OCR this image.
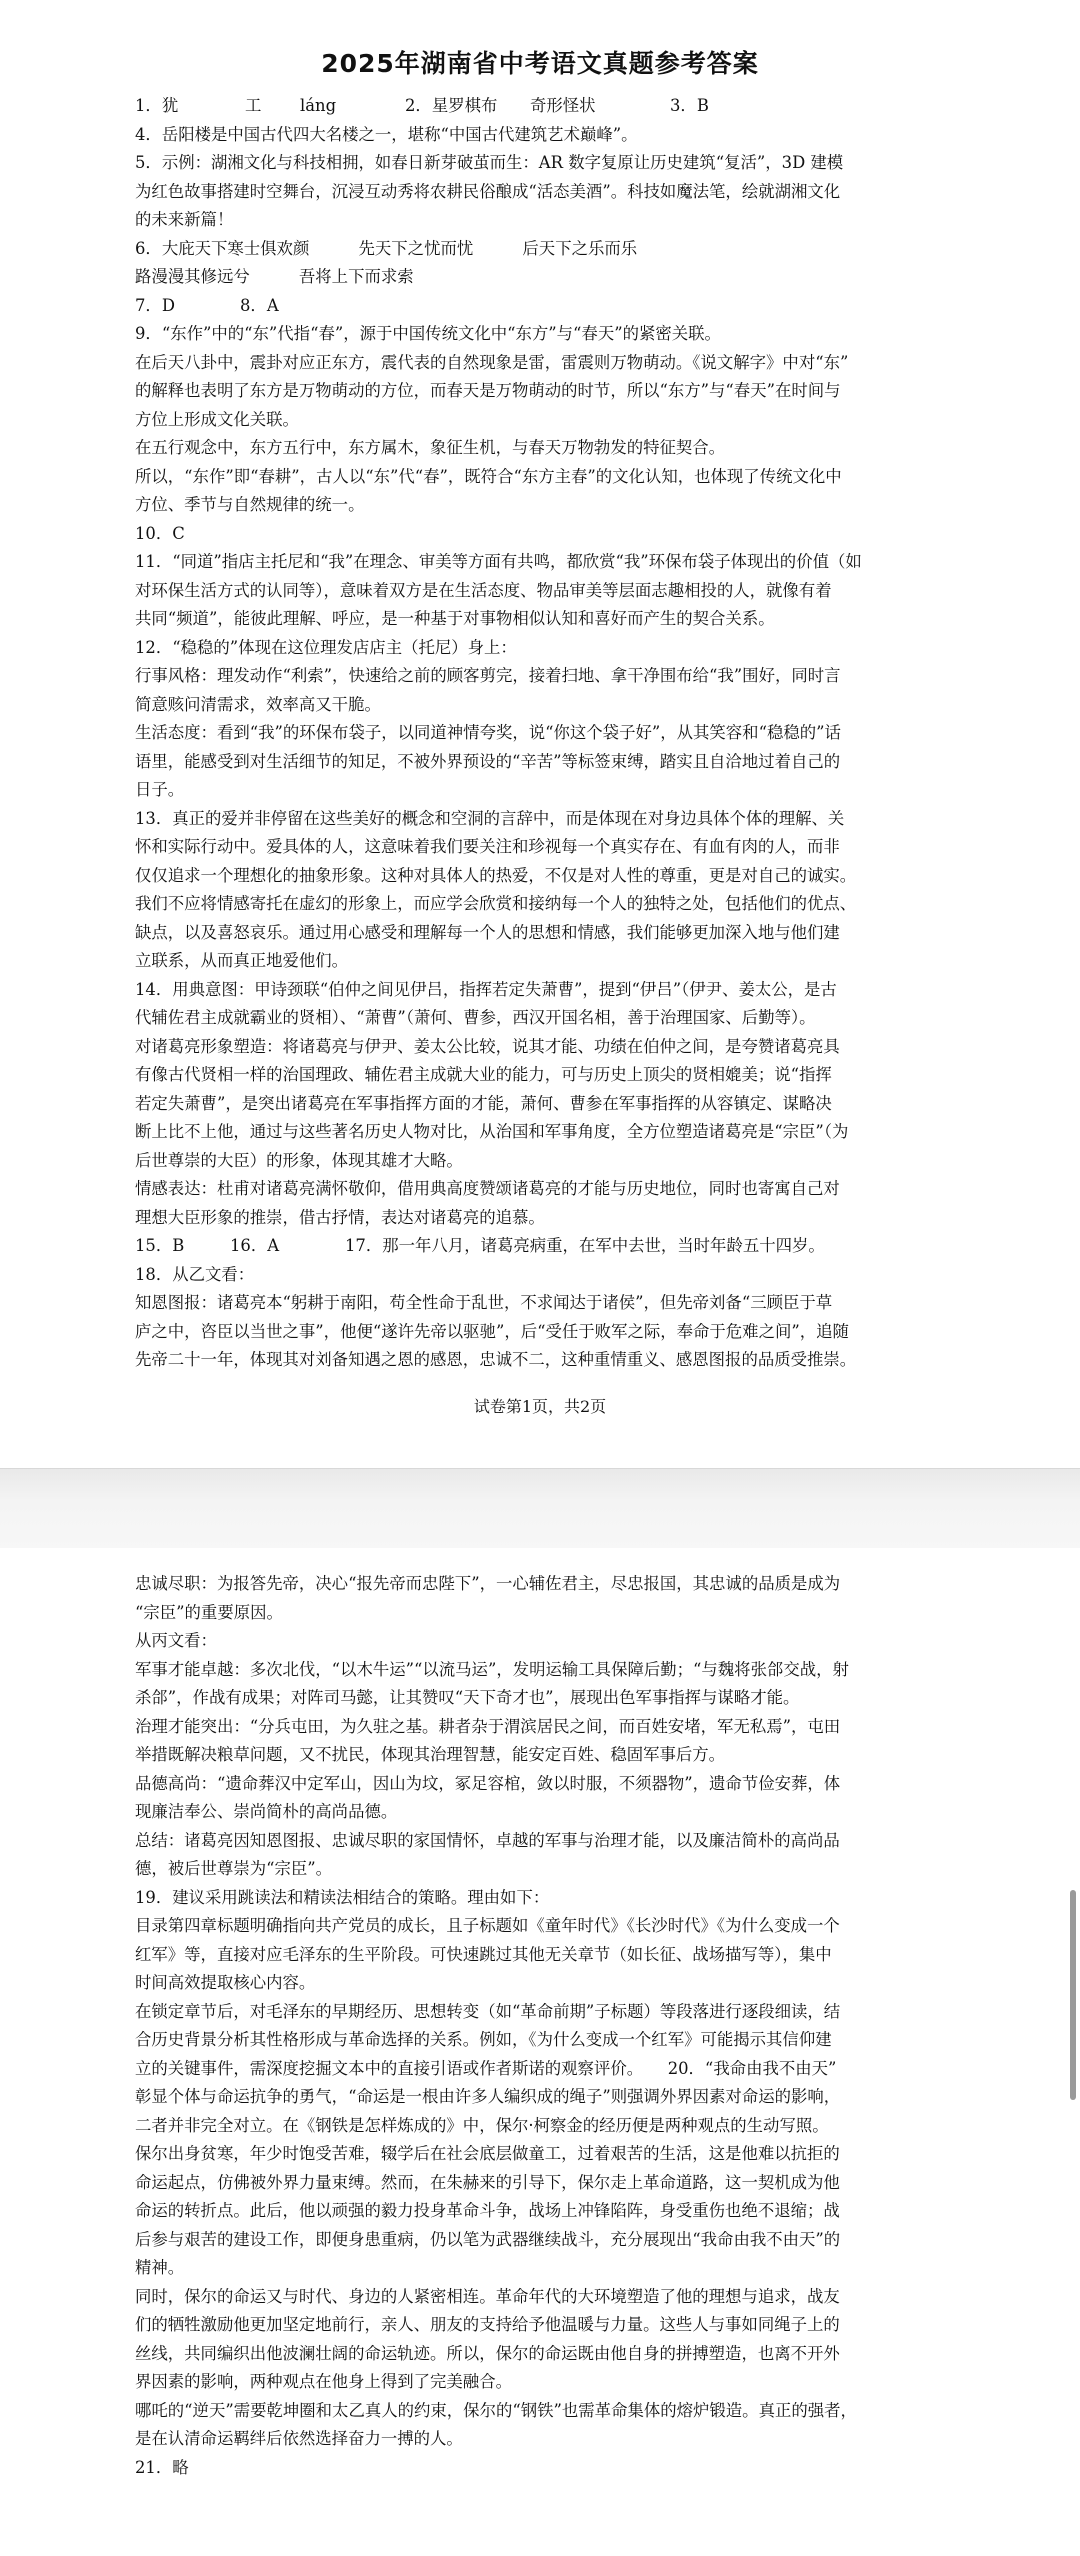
2025年湖南省中考语文真题参考答案
1．犹	工 láng	2．星罗棋布 奇形怪状	3．B
4．岳阳楼是中国古代四大名楼之一，堪称“中国古代建筑艺术巅峰”。
5．示例：湖湘文化与科技相拥，如春日新芽破茧而生：AR 数字复原让历史建筑“复活”，3D 建模
为红色故事搭建时空舞台，沉浸互动秀将农耕民俗酿成“活态美酒”。科技如魔法笔，绘就湖湘文化
的未来新篇！
6．大庇天下寒士俱欢颜　　　先天下之忧而忧　　　后天下之乐而乐
路漫漫其修远兮　　　吾将上下而求索
7．D	8．A
9．“东作”中的“东”代指“春”，源于中国传统文化中“东方”与“春天”的紧密关联。
在后天八卦中，震卦对应正东方，震代表的自然现象是雷，雷震则万物萌动。《说文解字》中对“东”
的解释也表明了东方是万物萌动的方位，而春天是万物萌动的时节，所以“东方”与“春天”在时间与
方位上形成文化关联。
在五行观念中，东方五行中，东方属木，象征生机，与春天万物勃发的特征契合。
所以，“东作”即“春耕”，古人以“东”代“春”，既符合“东方主春”的文化认知，也体现了传统文化中
方位、季节与自然规律的统一。
10．C
11．“同道”指店主托尼和“我”在理念、审美等方面有共鸣，都欣赏“我”环保布袋子体现出的价值（如
对环保生活方式的认同等），意味着双方是在生活态度、物品审美等层面志趣相投的人，就像有着
共同“频道”，能彼此理解、呼应，是一种基于对事物相似认知和喜好而产生的契合关系。
12．“稳稳的”体现在这位理发店店主（托尼）身上：
行事风格：理发动作“利索”，快速给之前的顾客剪完，接着扫地、拿干净围布给“我”围好，同时言
简意赅问清需求，效率高又干脆。
生活态度：看到“我”的环保布袋子，以同道神情夸奖，说“你这个袋子好”，从其笑容和“稳稳的”话
语里，能感受到对生活细节的知足，不被外界预设的“辛苦”等标签束缚，踏实且自洽地过着自己的
日子。
13．真正的爱并非停留在这些美好的概念和空洞的言辞中，而是体现在对身边具体个体的理解、关
怀和实际行动中。爱具体的人，这意味着我们要关注和珍视每一个真实存在、有血有肉的人，而非
仅仅追求一个理想化的抽象形象。这种对具体人的热爱，不仅是对人性的尊重，更是对自己的诚实。
我们不应将情感寄托在虚幻的形象上，而应学会欣赏和接纳每一个人的独特之处，包括他们的优点、
缺点，以及喜怒哀乐。通过用心感受和理解每一个人的思想和情感，我们能够更加深入地与他们建
立联系，从而真正地爱他们。
14．用典意图：甲诗颈联“伯仲之间见伊吕，指挥若定失萧曹”，提到“伊吕”（伊尹、姜太公，是古
代辅佐君主成就霸业的贤相）、“萧曹”（萧何、曹参，西汉开国名相，善于治理国家、后勤等）。
对诸葛亮形象塑造：将诸葛亮与伊尹、姜太公比较，说其才能、功绩在伯仲之间，是夸赞诸葛亮具
有像古代贤相一样的治国理政、辅佐君主成就大业的能力，可与历史上顶尖的贤相媲美；说“指挥
若定失萧曹”，是突出诸葛亮在军事指挥方面的才能，萧何、曹参在军事指挥的从容镇定、谋略决
断上比不上他，通过与这些著名历史人物对比，从治国和军事角度，全方位塑造诸葛亮是“宗臣”（为
后世尊崇的大臣）的形象，体现其雄才大略。
情感表达：杜甫对诸葛亮满怀敬仰，借用典高度赞颂诸葛亮的才能与历史地位，同时也寄寓自己对
理想大臣形象的推崇，借古抒情，表达对诸葛亮的追慕。
15．B	16．A	17．那一年八月，诸葛亮病重，在军中去世，当时年龄五十四岁。
18．从乙文看：
知恩图报：诸葛亮本“躬耕于南阳，苟全性命于乱世，不求闻达于诸侯”，但先帝刘备“三顾臣于草
庐之中，咨臣以当世之事”，他便“遂许先帝以驱驰”，后“受任于败军之际，奉命于危难之间”，追随
先帝二十一年，体现其对刘备知遇之恩的感恩，忠诚不二，这种重情重义、感恩图报的品质受推崇。
试卷第1页，共2页
忠诚尽职：为报答先帝，决心“报先帝而忠陛下”，一心辅佐君主，尽忠报国，其忠诚的品质是成为
“宗臣”的重要原因。
从丙文看：
军事才能卓越：多次北伐，“以木牛运”“以流马运”，发明运输工具保障后勤；“与魏将张郃交战，射
杀郃”，作战有成果；对阵司马懿，让其赞叹“天下奇才也”，展现出色军事指挥与谋略才能。
治理才能突出：“分兵屯田，为久驻之基。耕者杂于渭滨居民之间，而百姓安堵，军无私焉”，屯田
举措既解决粮草问题，又不扰民，体现其治理智慧，能安定百姓、稳固军事后方。
品德高尚：“遗命葬汉中定军山，因山为坟，冢足容棺，敛以时服，不须器物”，遗命节俭安葬，体
现廉洁奉公、崇尚简朴的高尚品德。
总结：诸葛亮因知恩图报、忠诚尽职的家国情怀，卓越的军事与治理才能，以及廉洁简朴的高尚品
德，被后世尊崇为“宗臣”。
19．建议采用跳读法和精读法相结合的策略。理由如下：
目录第四章标题明确指向共产党员的成长，且子标题如《童年时代》《长沙时代》《为什么变成一个
红军》等，直接对应毛泽东的生平阶段。可快速跳过其他无关章节（如长征、战场描写等），集中
时间高效提取核心内容。
在锁定章节后，对毛泽东的早期经历、思想转变（如“革命前期”子标题）等段落进行逐段细读，结
合历史背景分析其性格形成与革命选择的关系。例如，《为什么变成一个红军》可能揭示其信仰建
立的关键事件，需深度挖掘文本中的直接引语或作者斯诺的观察评价。　　20．“我命由我不由天”
彰显个体与命运抗争的勇气，“命运是一根由许多人编织成的绳子”则强调外界因素对命运的影响，
二者并非完全对立。在《钢铁是怎样炼成的》中，保尔·柯察金的经历便是两种观点的生动写照。
保尔出身贫寒，年少时饱受苦难，辍学后在社会底层做童工，过着艰苦的生活，这是他难以抗拒的
命运起点，仿佛被外界力量束缚。然而，在朱赫来的引导下，保尔走上革命道路，这一契机成为他
命运的转折点。此后，他以顽强的毅力投身革命斗争，战场上冲锋陷阵，身受重伤也绝不退缩；战
后参与艰苦的建设工作，即便身患重病，仍以笔为武器继续战斗，充分展现出“我命由我不由天”的
精神。
同时，保尔的命运又与时代、身边的人紧密相连。革命年代的大环境塑造了他的理想与追求，战友
们的牺牲激励他更加坚定地前行，亲人、朋友的支持给予他温暖与力量。这些人与事如同绳子上的
丝线，共同编织出他波澜壮阔的命运轨迹。所以，保尔的命运既由他自身的拼搏塑造，也离不开外
界因素的影响，两种观点在他身上得到了完美融合。
哪吒的“逆天”需要乾坤圈和太乙真人的约束，保尔的“钢铁”也需革命集体的熔炉锻造。真正的强者，
是在认清命运羁绊后依然选择奋力一搏的人。
21．略
